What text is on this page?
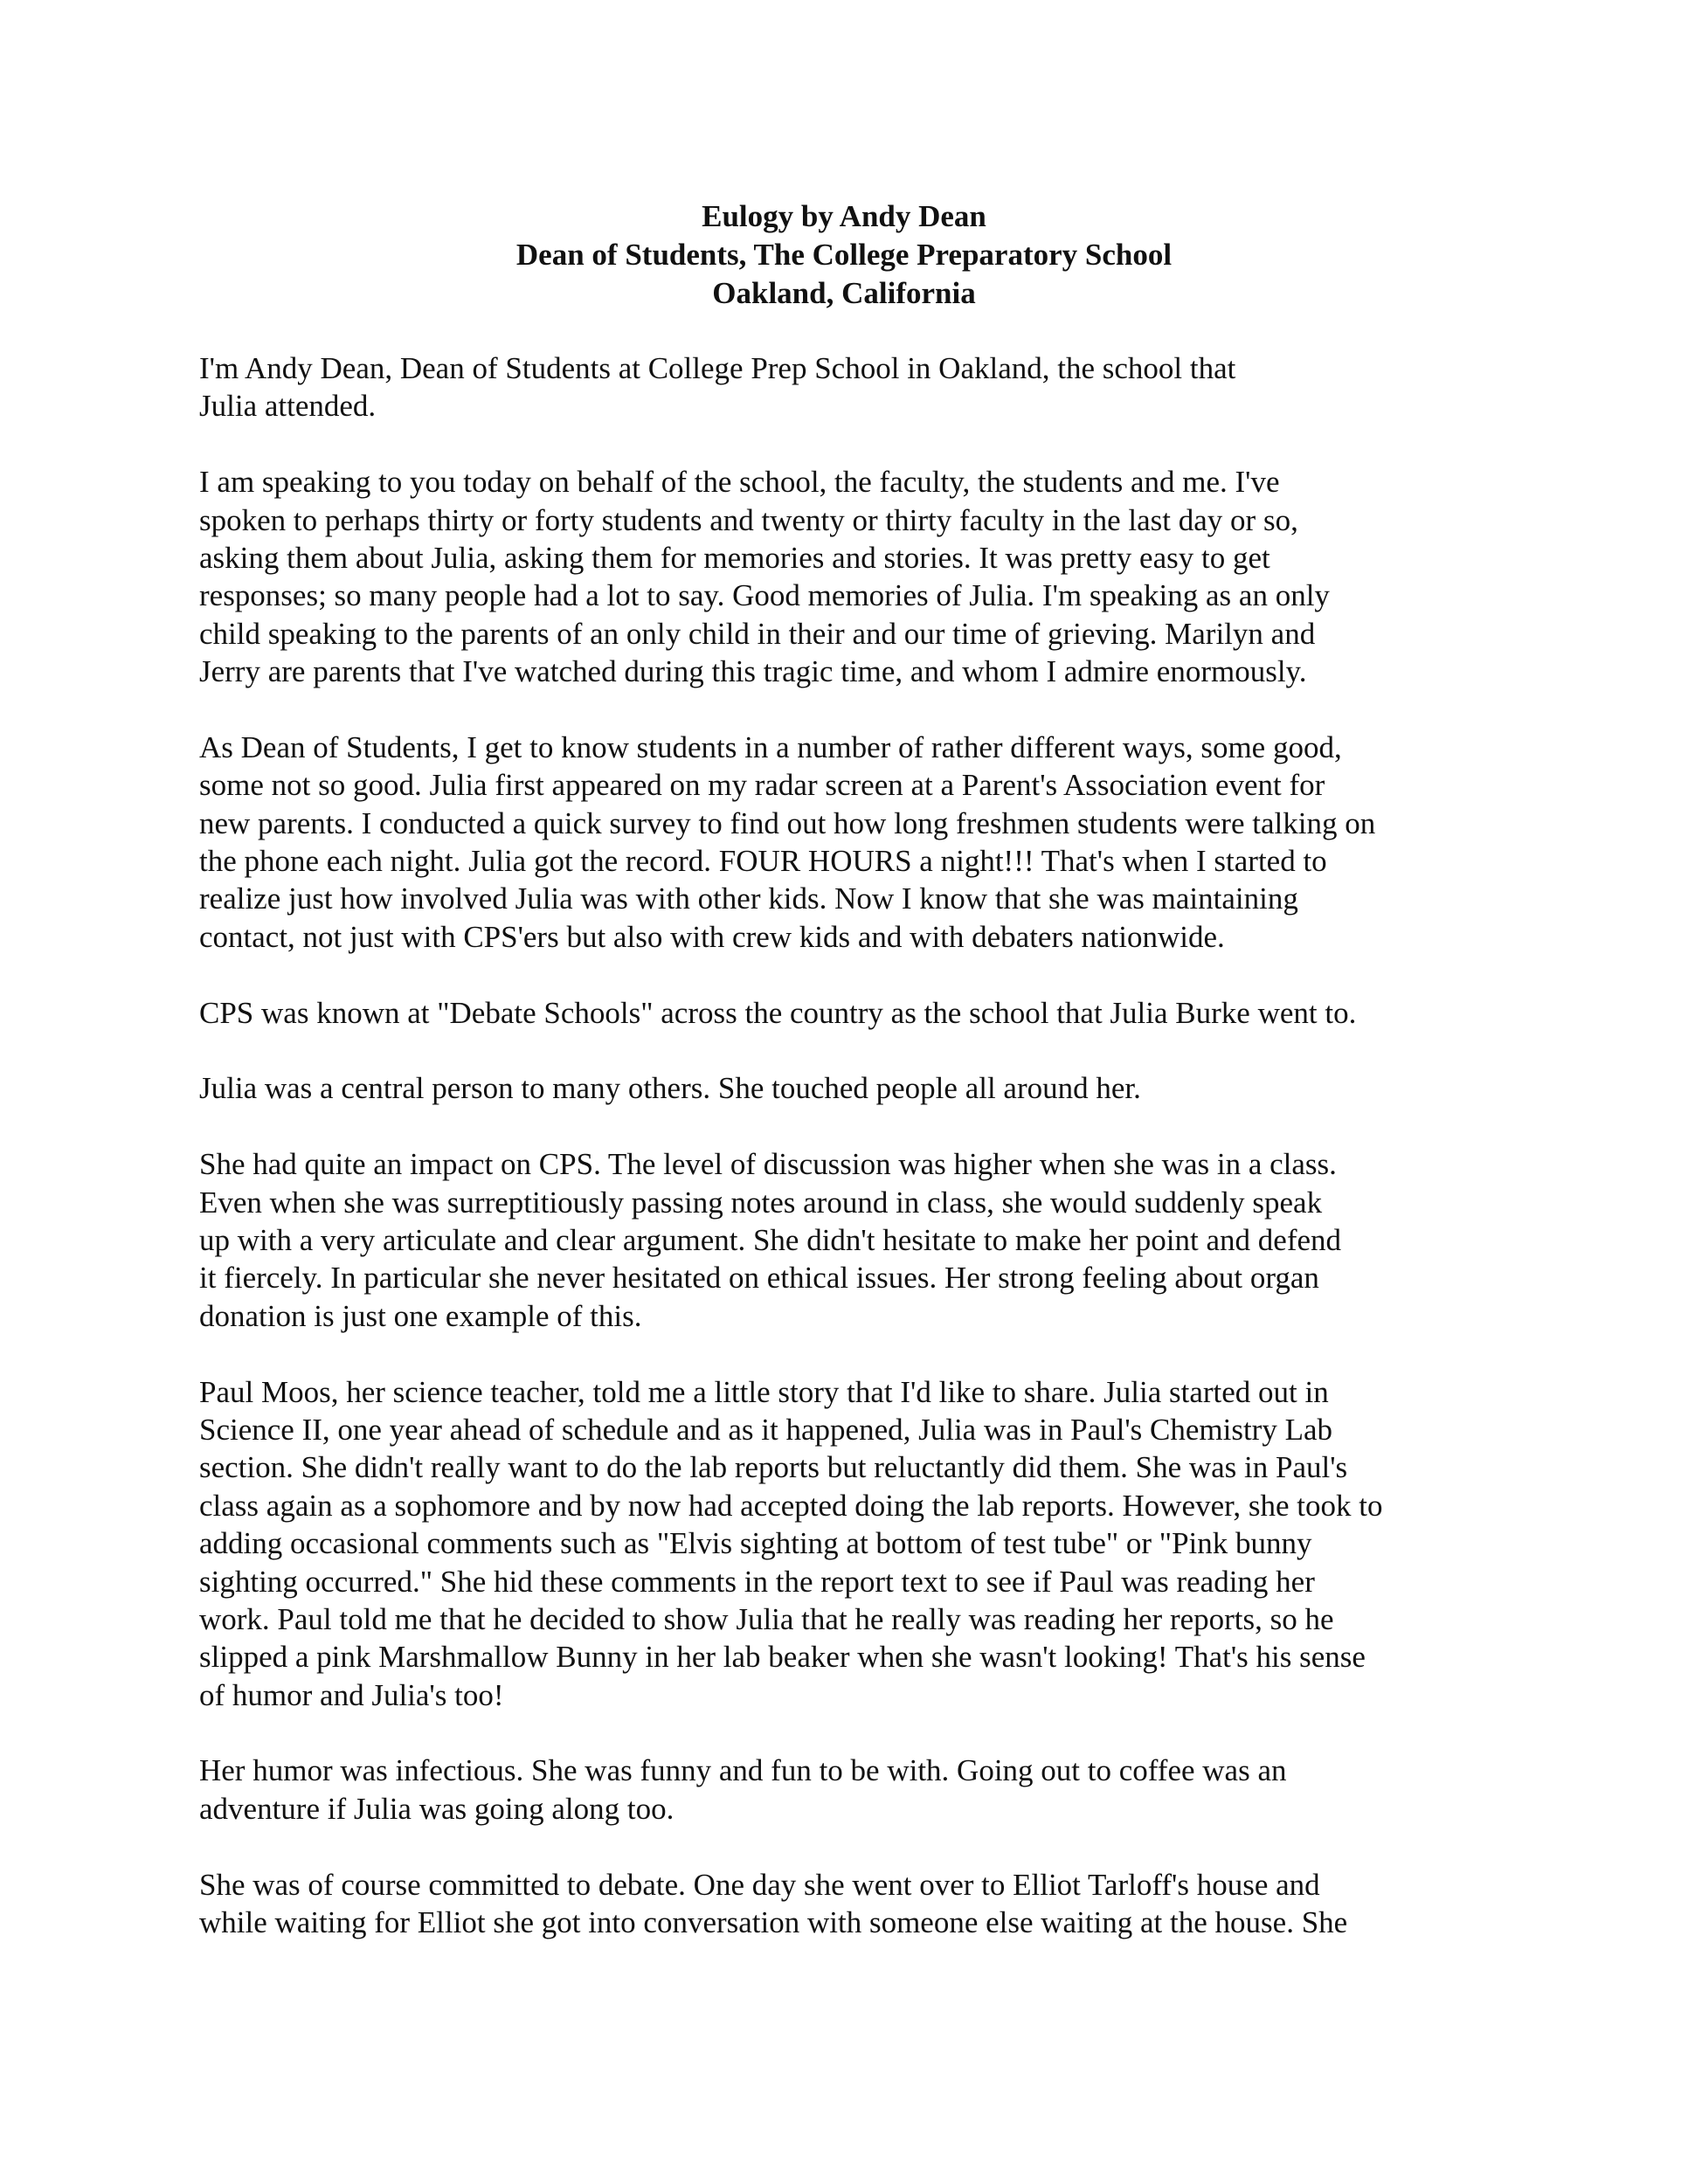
Eulogy by Andy Dean
Dean of Students, The College Preparatory School
Oakland, California
I'm Andy Dean, Dean of Students at College Prep School in Oakland, the school that
Julia attended.
I am speaking to you today on behalf of the school, the faculty, the students and me. I've
spoken to perhaps thirty or forty students and twenty or thirty faculty in the last day or so,
asking them about Julia, asking them for memories and stories. It was pretty easy to get
responses; so many people had a lot to say. Good memories of Julia. I'm speaking as an only
child speaking to the parents of an only child in their and our time of grieving. Marilyn and
Jerry are parents that I've watched during this tragic time, and whom I admire enormously.
As Dean of Students, I get to know students in a number of rather different ways, some good,
some not so good. Julia first appeared on my radar screen at a Parent's Association event for
new parents. I conducted a quick survey to find out how long freshmen students were talking on
the phone each night. Julia got the record. FOUR HOURS a night!!! That's when I started to
realize just how involved Julia was with other kids. Now I know that she was maintaining
contact, not just with CPS'ers but also with crew kids and with debaters nationwide.
CPS was known at "Debate Schools" across the country as the school that Julia Burke went to.
Julia was a central person to many others. She touched people all around her.
She had quite an impact on CPS. The level of discussion was higher when she was in a class.
Even when she was surreptitiously passing notes around in class, she would suddenly speak
up with a very articulate and clear argument. She didn't hesitate to make her point and defend
it fiercely. In particular she never hesitated on ethical issues. Her strong feeling about organ
donation is just one example of this.
Paul Moos, her science teacher, told me a little story that I'd like to share. Julia started out in
Science II, one year ahead of schedule and as it happened, Julia was in Paul's Chemistry Lab
section. She didn't really want to do the lab reports but reluctantly did them. She was in Paul's
class again as a sophomore and by now had accepted doing the lab reports. However, she took to
adding occasional comments such as "Elvis sighting at bottom of test tube" or "Pink bunny
sighting occurred." She hid these comments in the report text to see if Paul was reading her
work. Paul told me that he decided to show Julia that he really was reading her reports, so he
slipped a pink Marshmallow Bunny in her lab beaker when she wasn't looking! That's his sense
of humor and Julia's too!
Her humor was infectious. She was funny and fun to be with. Going out to coffee was an
adventure if Julia was going along too.
She was of course committed to debate. One day she went over to Elliot Tarloff's house and
while waiting for Elliot she got into conversation with someone else waiting at the house. She
